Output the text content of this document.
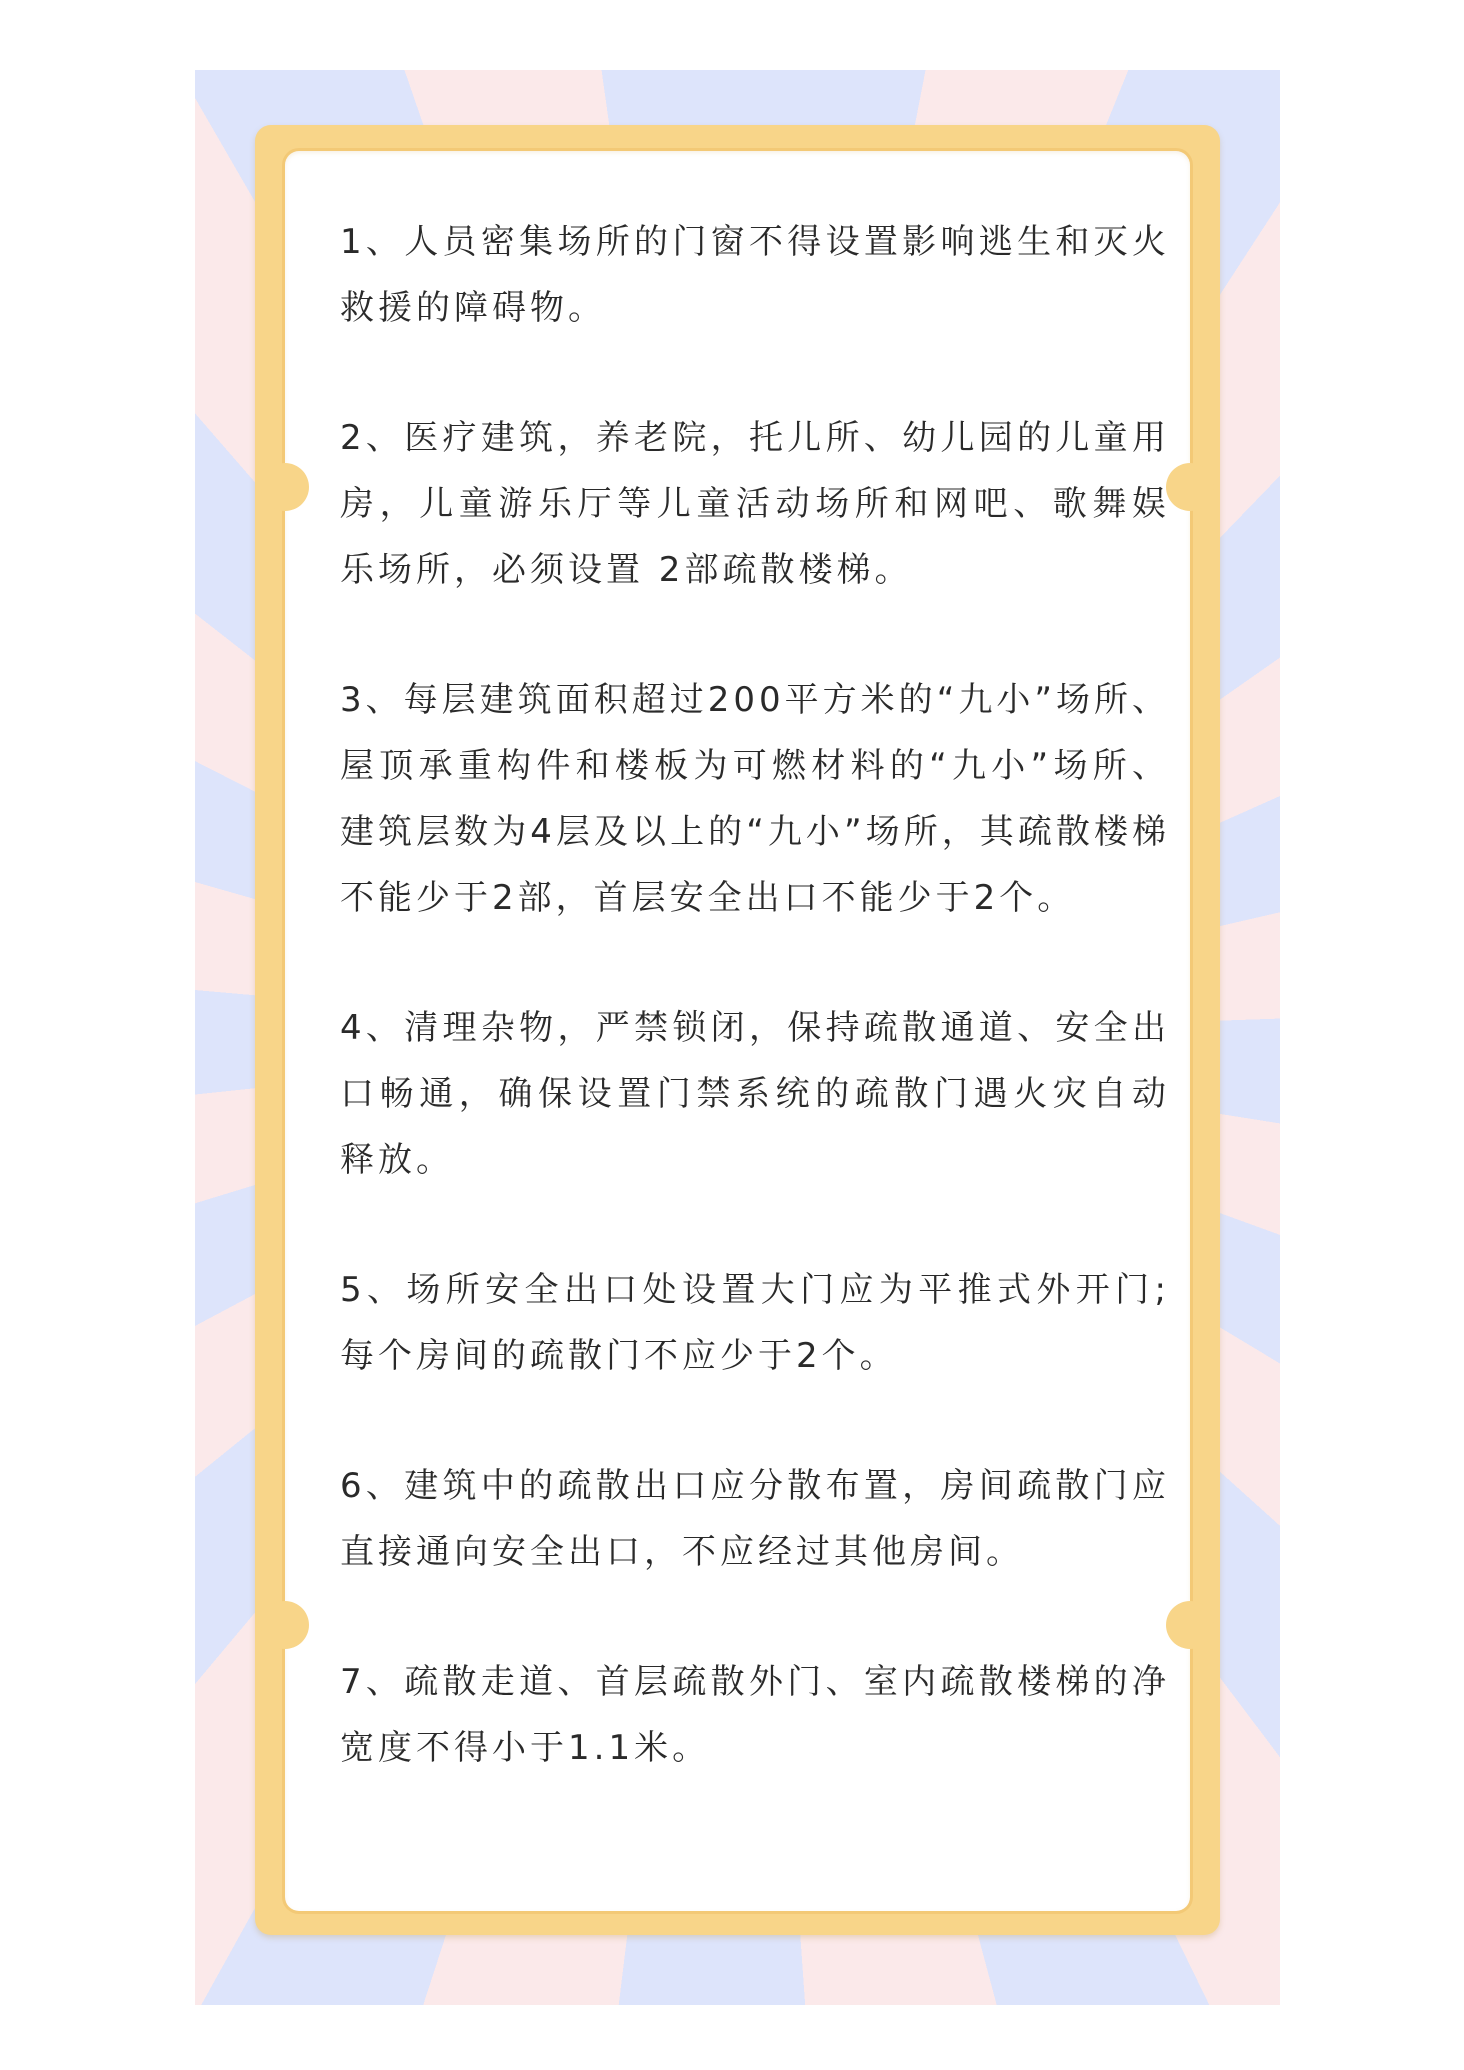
1、人员密集场所的门窗不得设置影响逃生和灭火救援的障碍物。

2、医疗建筑，养老院，托儿所、幼儿园的儿童用房，儿童游乐厅等儿童活动场所和网吧、歌舞娱乐场所，必须设置 2部疏散楼梯。

3、每层建筑面积超过200平方米的“九小”场所、屋顶承重构件和楼板为可燃材料的“九小”场所、建筑层数为4层及以上的“九小”场所，其疏散楼梯不能少于2部，首层安全出口不能少于2个。

4、清理杂物，严禁锁闭，保持疏散通道、安全出口畅通，确保设置门禁系统的疏散门遇火灾自动释放。

5、场所安全出口处设置大门应为平推式外开门;每个房间的疏散门不应少于2个。

6、建筑中的疏散出口应分散布置，房间疏散门应直接通向安全出口，不应经过其他房间。

7、疏散走道、首层疏散外门、室内疏散楼梯的净宽度不得小于1.1米。
